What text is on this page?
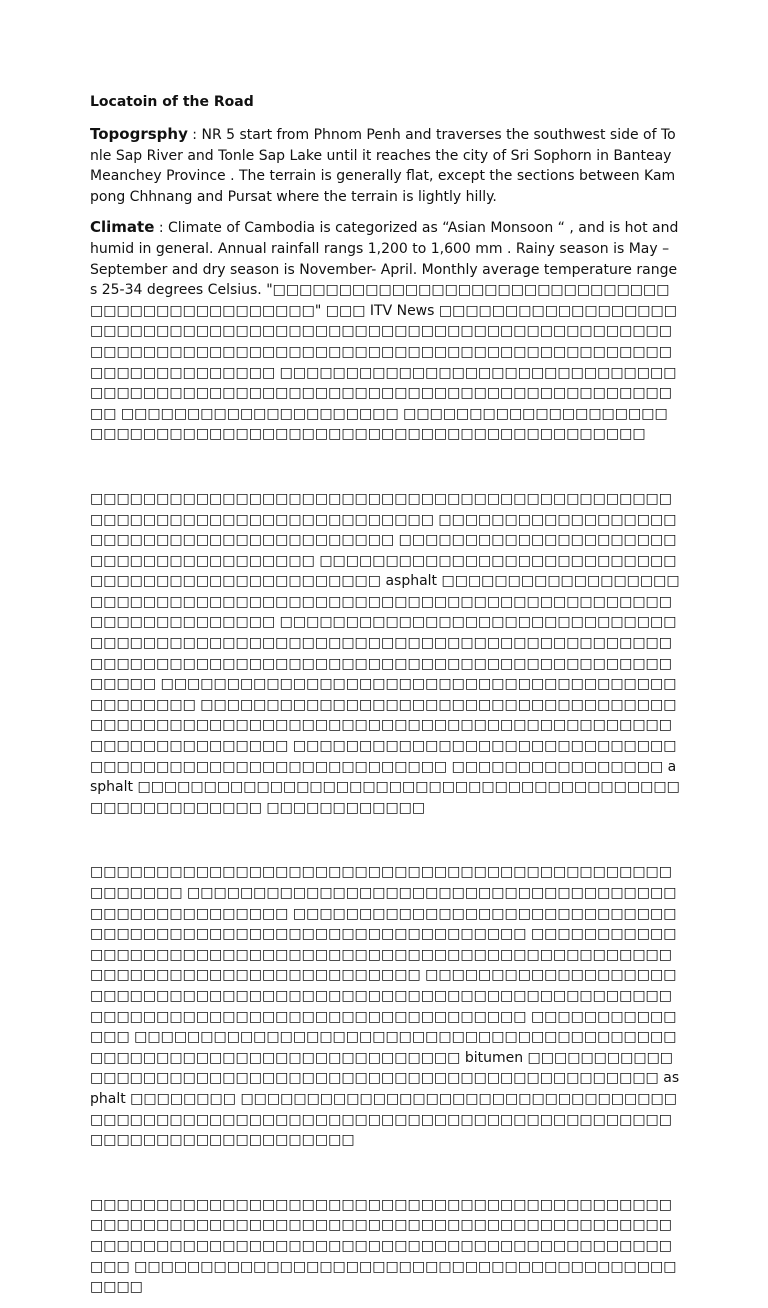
Locatoin of the Road

Topogrsphy : NR 5 start from Phnom Penh and traverses the southwest side of Tonle Sap River and Tonle Sap Lake until it reaches the city of Sri Sophorn in Banteay Meanchey Province . The terrain is generally flat, except the sections between Kampong Chhnang and Pursat where the terrain is lightly hilly.

Climate : Climate of Cambodia is categorized as “Asian Monsoon “ , and is hot and humid in general. Annual rainfall rangs 1,200 to 1,600 mm . Rainy season is May – September and dry season is November- April. Monthly average temperature ranges 25-34 degrees Celsius. "□□□□□□□□□□□□□□□□□□□□□□□□□□□□□□□□□□□□□□□□□□□□□□□" □□□ ITV News □□□□□□□□□□□□□□□□□□□□□□□□□□□□□□□□□□□□□□□□□□□□□□□□□□□□□□□□□□□□□□□□□□□□□□□□□□□□□□□□□□□□□□□□□□□□□□□□□□□□□□□□□□□□□□□□□□□□□□□□ □□□□□□□□□□□□□□□□□□□□□□□□□□□□□□□□□□□□□□□□□□□□□□□□□□□□□□□□□□□□□□□□□□□□□□□□□□□□ □□□□□□□□□□□□□□□□□□□□□ □□□□□□□□□□□□□□□□□□□□□□□□□□□□□□□□□□□□□□□□□□□□□□□□□□□□□□□□□□□□□□

□□□□□□□□□□□□□□□□□□□□□□□□□□□□□□□□□□□□□□□□□□□□□□□□□□□□□□□□□□□□□□□□□□□□□□ □□□□□□□□□□□□□□□□□□□□□□□□□□□□□□□□□□□□□□□□□ □□□□□□□□□□□□□□□□□□□□□□□□□□□□□□□□□□□□□□ □□□□□□□□□□□□□□□□□□□□□□□□□□□□□□□□□□□□□□□□□□□□□□□□□ asphalt □□□□□□□□□□□□□□□□□□□□□□□□□□□□□□□□□□□□□□□□□□□□□□□□□□□□□□□□□□□□□□□□□□□□□□□□□□□□ □□□□□□□□□□□□□□□□□□□□□□□□□□□□□□□□□□□□□□□□□□□□□□□□□□□□□□□□□□□□□□□□□□□□□□□□□□□□□□□□□□□□□□□□□□□□□□□□□□□□□□□□□□□□□□□□□□□□□□□□□□□ □□□□□□□□□□□□□□□□□□□□□□□□□□□□□□□□□□□□□□□□□□□□□□□ □□□□□□□□□□□□□□□□□□□□□□□□□□□□□□□□□□□□□□□□□□□□□□□□□□□□□□□□□□□□□□□□□□□□□□□□□□□□□□□□□□□□□□□□□□□□□□□ □□□□□□□□□□□□□□□□□□□□□□□□□□□□□□□□□□□□□□□□□□□□□□□□□□□□□□□□ □□□□□□□□□□□□□□□□ asphalt □□□□□□□□□□□□□□□□□□□□□□□□□□□□□□□□□□□□□□□□□□□□□□□□□□□□□□ □□□□□□□□□□□□

□□□□□□□□□□□□□□□□□□□□□□□□□□□□□□□□□□□□□□□□□□□□□□□□□□□ □□□□□□□□□□□□□□□□□□□□□□□□□□□□□□□□□□□□□□□□□□□□□□□□□□□□ □□□□□□□□□□□□□□□□□□□□□□□□□□□□□□□□□□□□□□□□□□□□□□□□□□□□□□□□□□□□□□ □□□□□□□□□□□□□□□□□□□□□□□□□□□□□□□□□□□□□□□□□□□□□□□□□□□□□□□□□□□□□□□□□□□□□□□□□□□□□□□□ □□□□□□□□□□□□□□□□□□□□□□□□□□□□□□□□□□□□□□□□□□□□□□□□□□□□□□□□□□□□□□□□□□□□□□□□□□□□□□□□□□□□□□□□□□□□□□□□ □□□□□□□□□□□□□□ □□□□□□□□□□□□□□□□□□□□□□□□□□□□□□□□□□□□□□□□□□□□□□□□□□□□□□□□□□□□□□□□□□□□□ bitumen □□□□□□□□□□□□□□□□□□□□□□□□□□□□□□□□□□□□□□□□□□□□□□□□□□□□□□ asphalt □□□□□□□□ □□□□□□□□□□□□□□□□□□□□□□□□□□□□□□□□□□□□□□□□□□□□□□□□□□□□□□□□□□□□□□□□□□□□□□□□□□□□□□□□□□□□□□□□□□□□□□□□□

□□□□□□□□□□□□□□□□□□□□□□□□□□□□□□□□□□□□□□□□□□□□□□□□□□□□□□□□□□□□□□□□□□□□□□□□□□□□□□□□□□□□□□□□□□□□□□□□□□□□□□□□□□□□□□□□□□□□□□□□□□□□□□□□□□□□□□□ □□□□□□□□□□□□□□□□□□□□□□□□□□□□□□□□□□□□□□□□□□□□□
